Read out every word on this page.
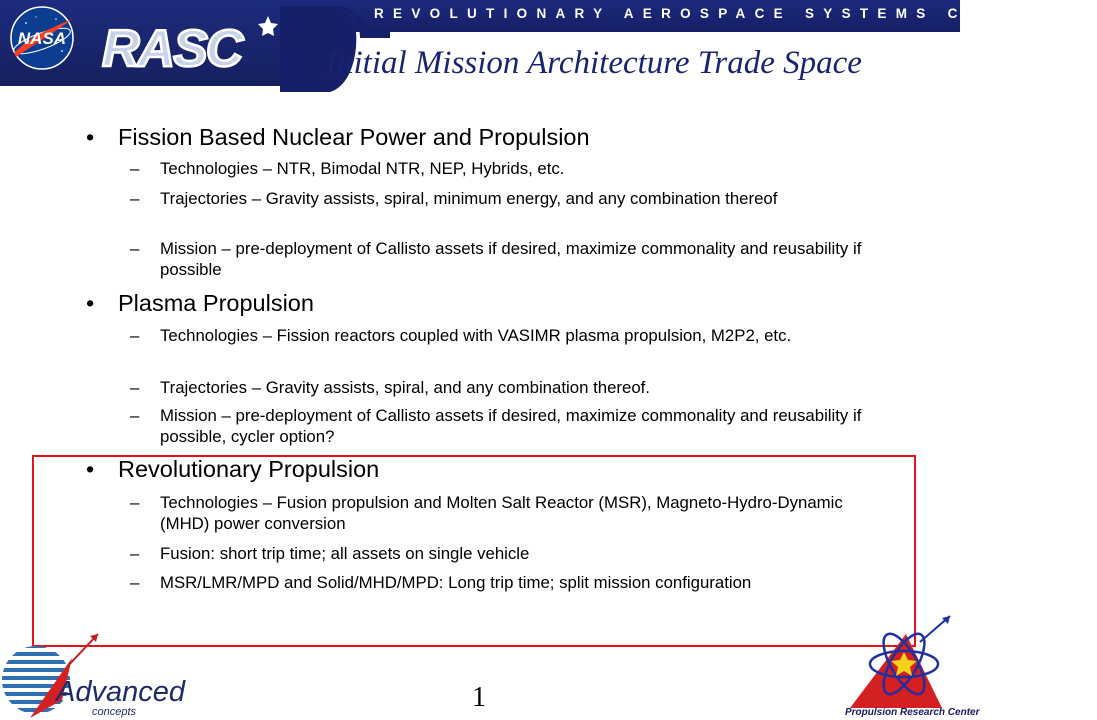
REVOLUTIONARY AEROSPACE SYSTEMS CONCEPTS
NASA RASC	Initial Mission Architecture Trade Space
• Fission Based Nuclear Power and Propulsion
– Technologies – NTR, Bimodal NTR, NEP, Hybrids, etc.
– Trajectories – Gravity assists, spiral, minimum energy, and any combination thereof
– Mission – pre-deployment of Callisto assets if desired, maximize commonality and reusability if possible
• Plasma Propulsion
– Technologies – Fission reactors coupled with VASIMR plasma propulsion, M2P2, etc.
– Trajectories – Gravity assists, spiral, and any combination thereof.
– Mission – pre-deployment of Callisto assets if desired, maximize commonality and reusability if possible, cycler option?
• Revolutionary Propulsion
– Technologies – Fusion propulsion and Molten Salt Reactor (MSR), Magneto-Hydro-Dynamic (MHD) power conversion
– Fusion: short trip time; all assets on single vehicle
– MSR/LMR/MPD and Solid/MHD/MPD: Long trip time; split mission configuration
Advanced
concepts	1	Propulsion Research Center
